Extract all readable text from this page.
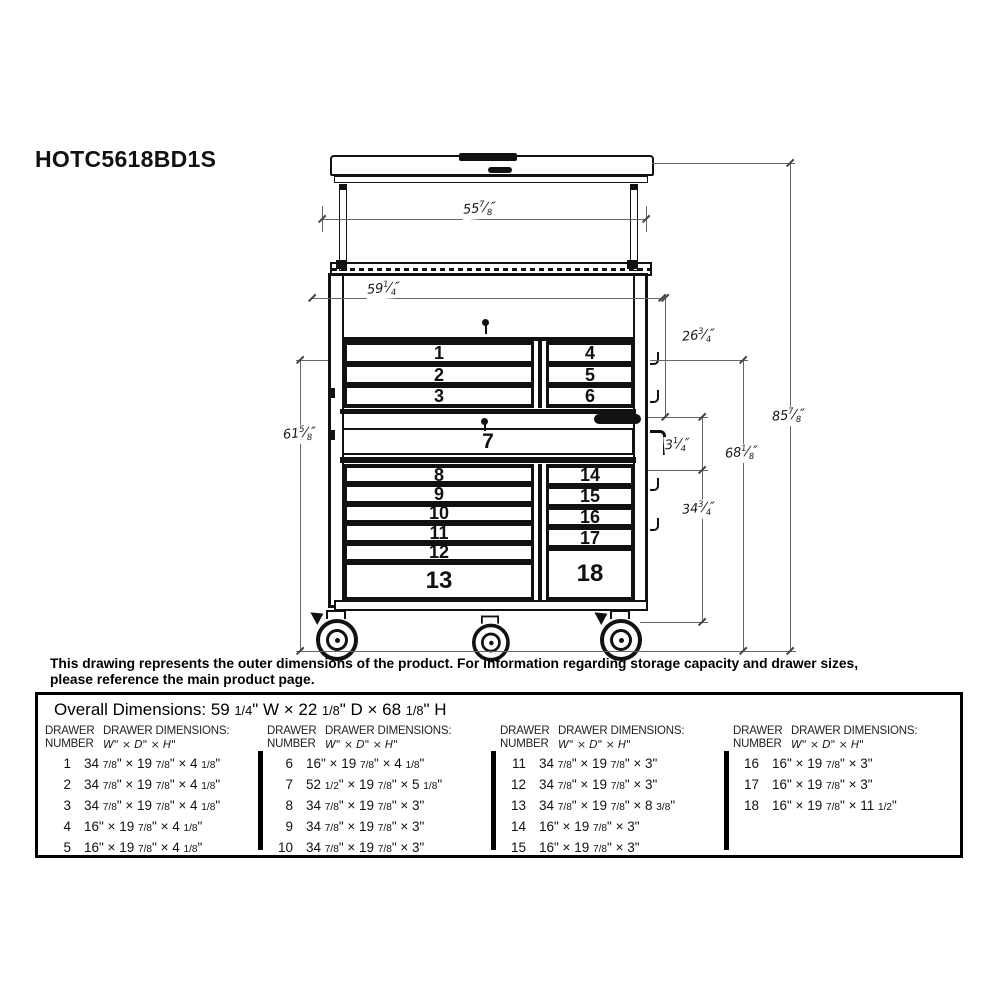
HOTC5618BD1S
1
2
3
4
5
6
7
8
9
10
11
12
13
14
15
16
17
18
$55^7⁄_8''$
$59^1⁄_4''$
$61^5⁄_8''$
$26^3⁄_4''$
$3^1⁄_4''$
$34^3⁄_4''$
$68^1⁄_8''$
$85^7⁄_8''$
This drawing represents the outer dimensions of the product. For information regarding storage capacity and drawer sizes,
please reference the main product page.
Overall Dimensions: 59 1/4" W × 22 1/8" D × 68 1/8" H
DRAWER DRAWER DIMENSIONS:
NUMBER W" × D" × H"
1 34 7/8" × 19 7/8" × 4 1/8"
2 34 7/8" × 19 7/8" × 4 1/8"
3 34 7/8" × 19 7/8" × 4 1/8"
4 16" × 19 7/8" × 4 1/8"
5 16" × 19 7/8" × 4 1/8"
DRAWER DRAWER DIMENSIONS:
NUMBER W" × D" × H"
6 16" × 19 7/8" × 4 1/8"
7 52 1/2" × 19 7/8" × 5 1/8"
8 34 7/8" × 19 7/8" × 3"
9 34 7/8" × 19 7/8" × 3"
10 34 7/8" × 19 7/8" × 3"
DRAWER DRAWER DIMENSIONS:
NUMBER W" × D" × H"
11 34 7/8" × 19 7/8" × 3"
12 34 7/8" × 19 7/8" × 3"
13 34 7/8" × 19 7/8" × 8 3/8"
14 16" × 19 7/8" × 3"
15 16" × 19 7/8" × 3"
DRAWER DRAWER DIMENSIONS:
NUMBER W" × D" × H"
16 16" × 19 7/8" × 3"
17 16" × 19 7/8" × 3"
18 16" × 19 7/8" × 11 1/2"
